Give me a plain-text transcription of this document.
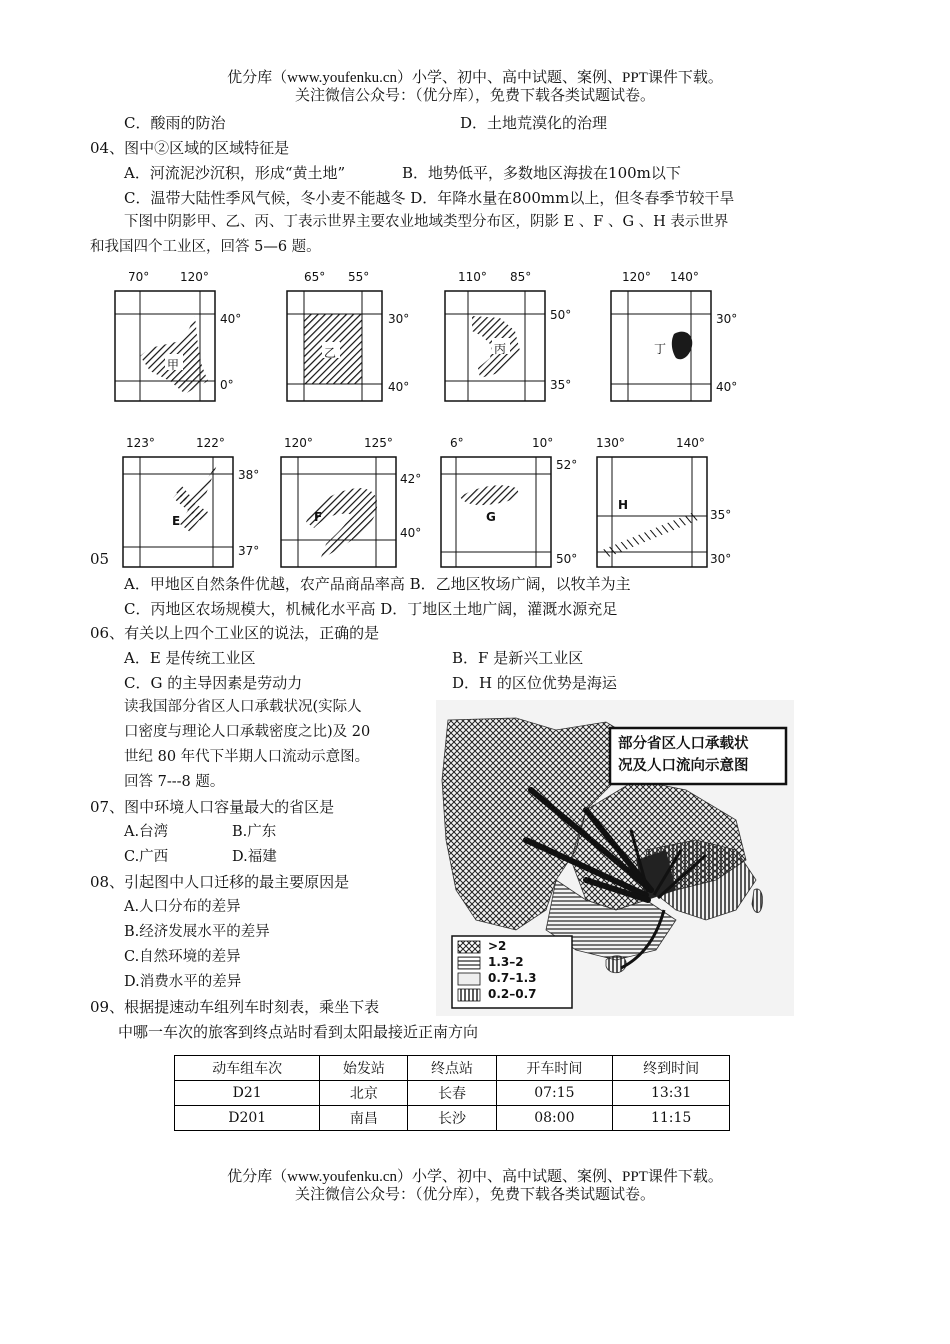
优分库（www.youfenku.cn）小学、初中、高中试题、案例、PPT课件下载。
关注微信公众号：（优分库），免费下载各类试题试卷。
C．酸雨的防治	D．土地荒漠化的治理
04、图中②区域的区域特征是
A．河流泥沙沉积，形成“黄土地”	B．地势低平，多数地区海拔在100m以下
C．温带大陆性季风气候，冬小麦不能越冬 D．年降水量在800mm以上，但冬春季节较干旱
下图中阴影甲、乙、丙、丁表示世界主要农业地域类型分布区，阴影 E 、F 、G 、H 表示世界
和我国四个工业区，回答 5—6 题。
70°	120°
甲
40°
0°
65° 55°
乙
30°
40°
110° 85°
丙
50°
35°
120° 140°
丁
30°
40°
123°	122°
E
38°
37°
120°	125°
F
42°
40°
6°	10°
G
52°
50°
130°	140°
H
35°
30°
05
A．甲地区自然条件优越，农产品商品率高 B．乙地区牧场广阔，以牧羊为主
C．丙地区农场规模大，机械化水平高 D．丁地区土地广阔，灌溉水源充足
06、有关以上四个工业区的说法，正确的是
A．E 是传统工业区	B．F 是新兴工业区
C．G 的主导因素是劳动力	D．H 的区位优势是海运
读我国部分省区人口承载状况(实际人
口密度与理论人口承载密度之比)及 20
世纪 80 年代下半期人口流动示意图。
回答 7---8 题。
07、图中环境人口容量最大的省区是
A.台湾	B.广东
C.广西	D.福建
08、引起图中人口迁移的最主要原因是
A.人口分布的差异
B.经济发展水平的差异
C.自然环境的差异
D.消费水平的差异
部分省区人口承载状
况及人口流向示意图
>2
1.3–2
0.7–1.3
0.2–0.7
09、根据提速动车组列车时刻表，乘坐下表
中哪一车次的旅客到终点站时看到太阳最接近正南方向
动车组车次	始发站	终点站	开车时间	终到时间
D21	北京	长春	07:15	13:31
D201	南昌	长沙	08:00	11:15
优分库（www.youfenku.cn）小学、初中、高中试题、案例、PPT课件下载。
关注微信公众号：（优分库），免费下载各类试题试卷。
